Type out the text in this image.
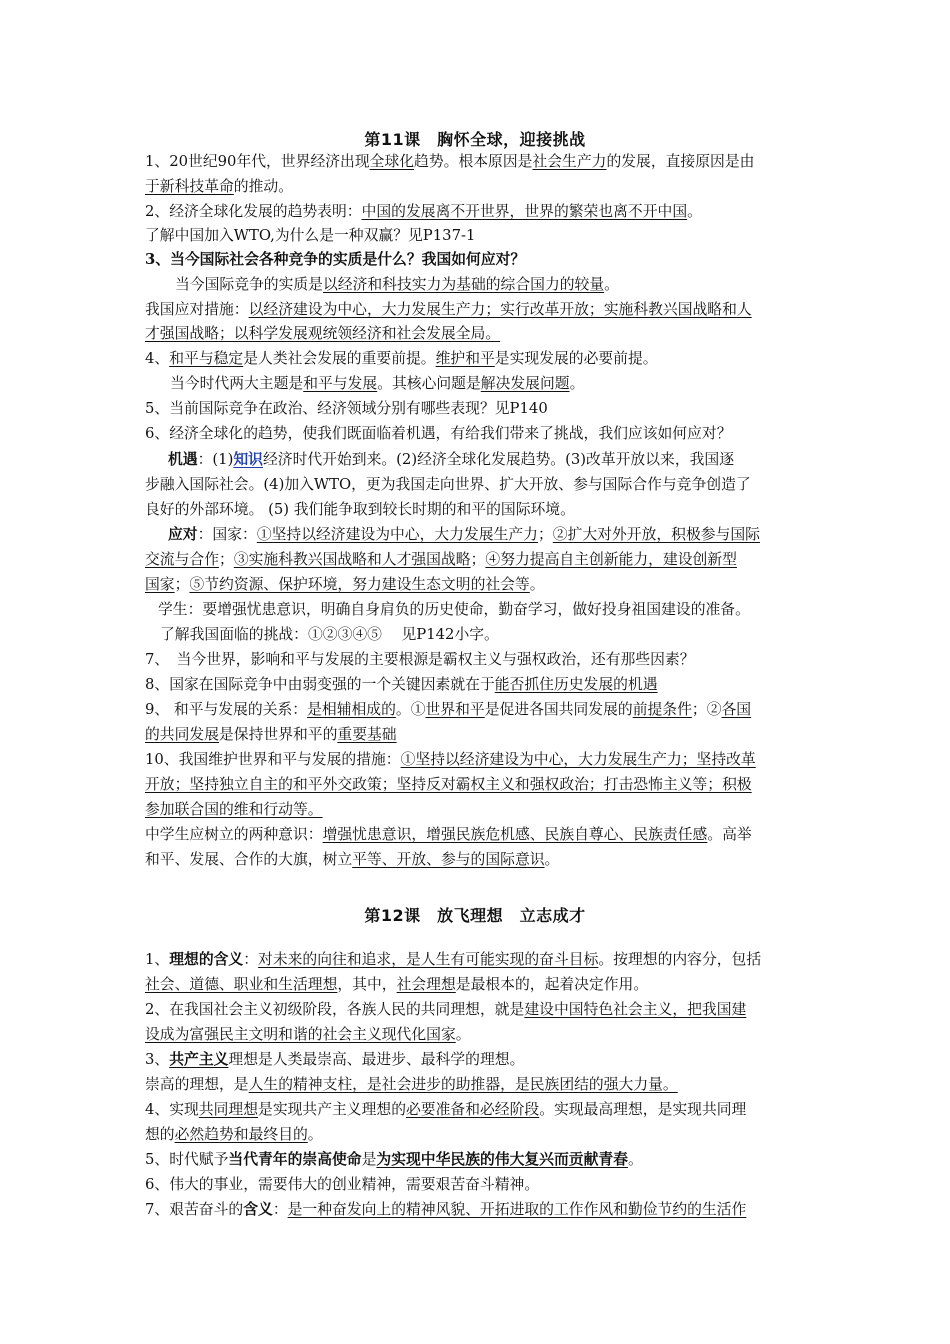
第11课　胸怀全球，迎接挑战
1、20世纪90年代，世界经济出现全球化趋势。根本原因是社会生产力的发展，直接原因是由
于新科技革命的推动。
2、经济全球化发展的趋势表明：中国的发展离不开世界，世界的繁荣也离不开中国。
了解中国加入WTO,为什么是一种双赢？见P137-1
3、当今国际社会各种竞争的实质是什么？我国如何应对？
当今国际竞争的实质是以经济和科技实力为基础的综合国力的较量。
我国应对措施：以经济建设为中心，大力发展生产力；实行改革开放；实施科教兴国战略和人
才强国战略；以科学发展观统领经济和社会发展全局。
4、和平与稳定是人类社会发展的重要前提。维护和平是实现发展的必要前提。
当今时代两大主题是和平与发展。其核心问题是解决发展问题。
5、当前国际竞争在政治、经济领域分别有哪些表现？见P140
6、经济全球化的趋势，使我们既面临着机遇，有给我们带来了挑战，我们应该如何应对？
机遇：(1)知识经济时代开始到来。(2)经济全球化发展趋势。(3)改革开放以来，我国逐
步融入国际社会。(4)加入WTO，更为我国走向世界、扩大开放、参与国际合作与竞争创造了
良好的外部环境。 (5) 我们能争取到较长时期的和平的国际环境。
应对：国家：①坚持以经济建设为中心，大力发展生产力；②扩大对外开放，积极参与国际
交流与合作；③实施科教兴国战略和人才强国战略；④努力提高自主创新能力，建设创新型
国家；⑤节约资源、保护环境，努力建设生态文明的社会等。
学生：要增强忧患意识，明确自身肩负的历史使命，勤奋学习，做好投身祖国建设的准备。
了解我国面临的挑战：①②③④⑤　 见P142小字。
7、　当今世界，影响和平与发展的主要根源是霸权主义与强权政治，还有那些因素？
8、国家在国际竞争中由弱变强的一个关键因素就在于能否抓住历史发展的机遇
9、 和平与发展的关系：是相辅相成的。①世界和平是促进各国共同发展的前提条件；②各国
的共同发展是保持世界和平的重要基础
10、我国维护世界和平与发展的措施：①坚持以经济建设为中心，大力发展生产力；坚持改革
开放；坚持独立自主的和平外交政策；坚持反对霸权主义和强权政治；打击恐怖主义等；积极
参加联合国的维和行动等。
中学生应树立的两种意识：增强忧患意识，增强民族危机感、民族自尊心、民族责任感。高举
和平、发展、合作的大旗，树立平等、开放、参与的国际意识。
第12课　放飞理想　立志成才
1、理想的含义：对未来的向往和追求，是人生有可能实现的奋斗目标。按理想的内容分，包括
社会、道德、职业和生活理想，其中，社会理想是最根本的，起着决定作用。
2、在我国社会主义初级阶段，各族人民的共同理想，就是建设中国特色社会主义，把我国建
设成为富强民主文明和谐的社会主义现代化国家。
3、共产主义理想是人类最崇高、最进步、最科学的理想。
崇高的理想，是人生的精神支柱，是社会进步的助推器，是民族团结的强大力量。
4、实现共同理想是实现共产主义理想的必要准备和必经阶段。实现最高理想，是实现共同理
想的必然趋势和最终目的。
5、时代赋予当代青年的崇高使命是为实现中华民族的伟大复兴而贡献青春。
6、伟大的事业，需要伟大的创业精神，需要艰苦奋斗精神。
7、艰苦奋斗的含义：是一种奋发向上的精神风貌、开拓进取的工作作风和勤俭节约的生活作
